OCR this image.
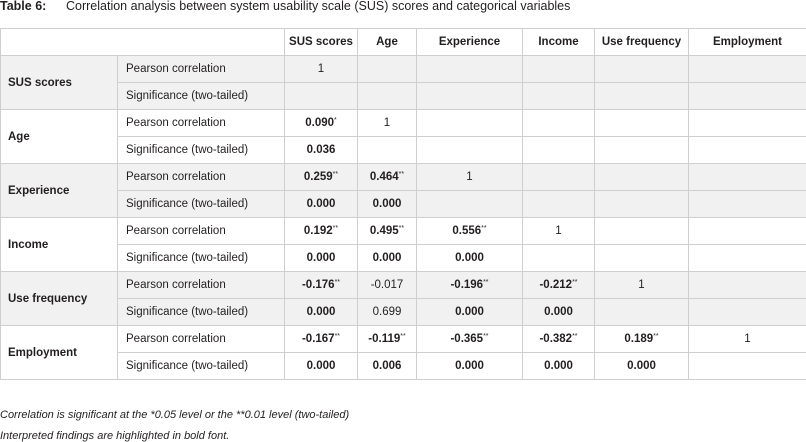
Table 6: Correlation analysis between system usability scale (SUS) scores and categorical variables
		SUS scores	Age	Experience	Income	Use frequency	Employment
SUS scores	Pearson correlation	1					
	Significance (two-tailed)						
Age	Pearson correlation	0.090*	1				
	Significance (two-tailed)	0.036					
Experience	Pearson correlation	0.259**	0.464**	1			
	Significance (two-tailed)	0.000	0.000				
Income	Pearson correlation	0.192**	0.495**	0.556**	1		
	Significance (two-tailed)	0.000	0.000	0.000			
Use frequency	Pearson correlation	-0.176**	-0.017	-0.196**	-0.212**	1	
	Significance (two-tailed)	0.000	0.699	0.000	0.000		
Employment	Pearson correlation	-0.167**	-0.119**	-0.365**	-0.382**	0.189**	1
	Significance (two-tailed)	0.000	0.006	0.000	0.000	0.000	
Correlation is significant at the *0.05 level or the **0.01 level (two-tailed)
Interpreted findings are highlighted in bold font.
